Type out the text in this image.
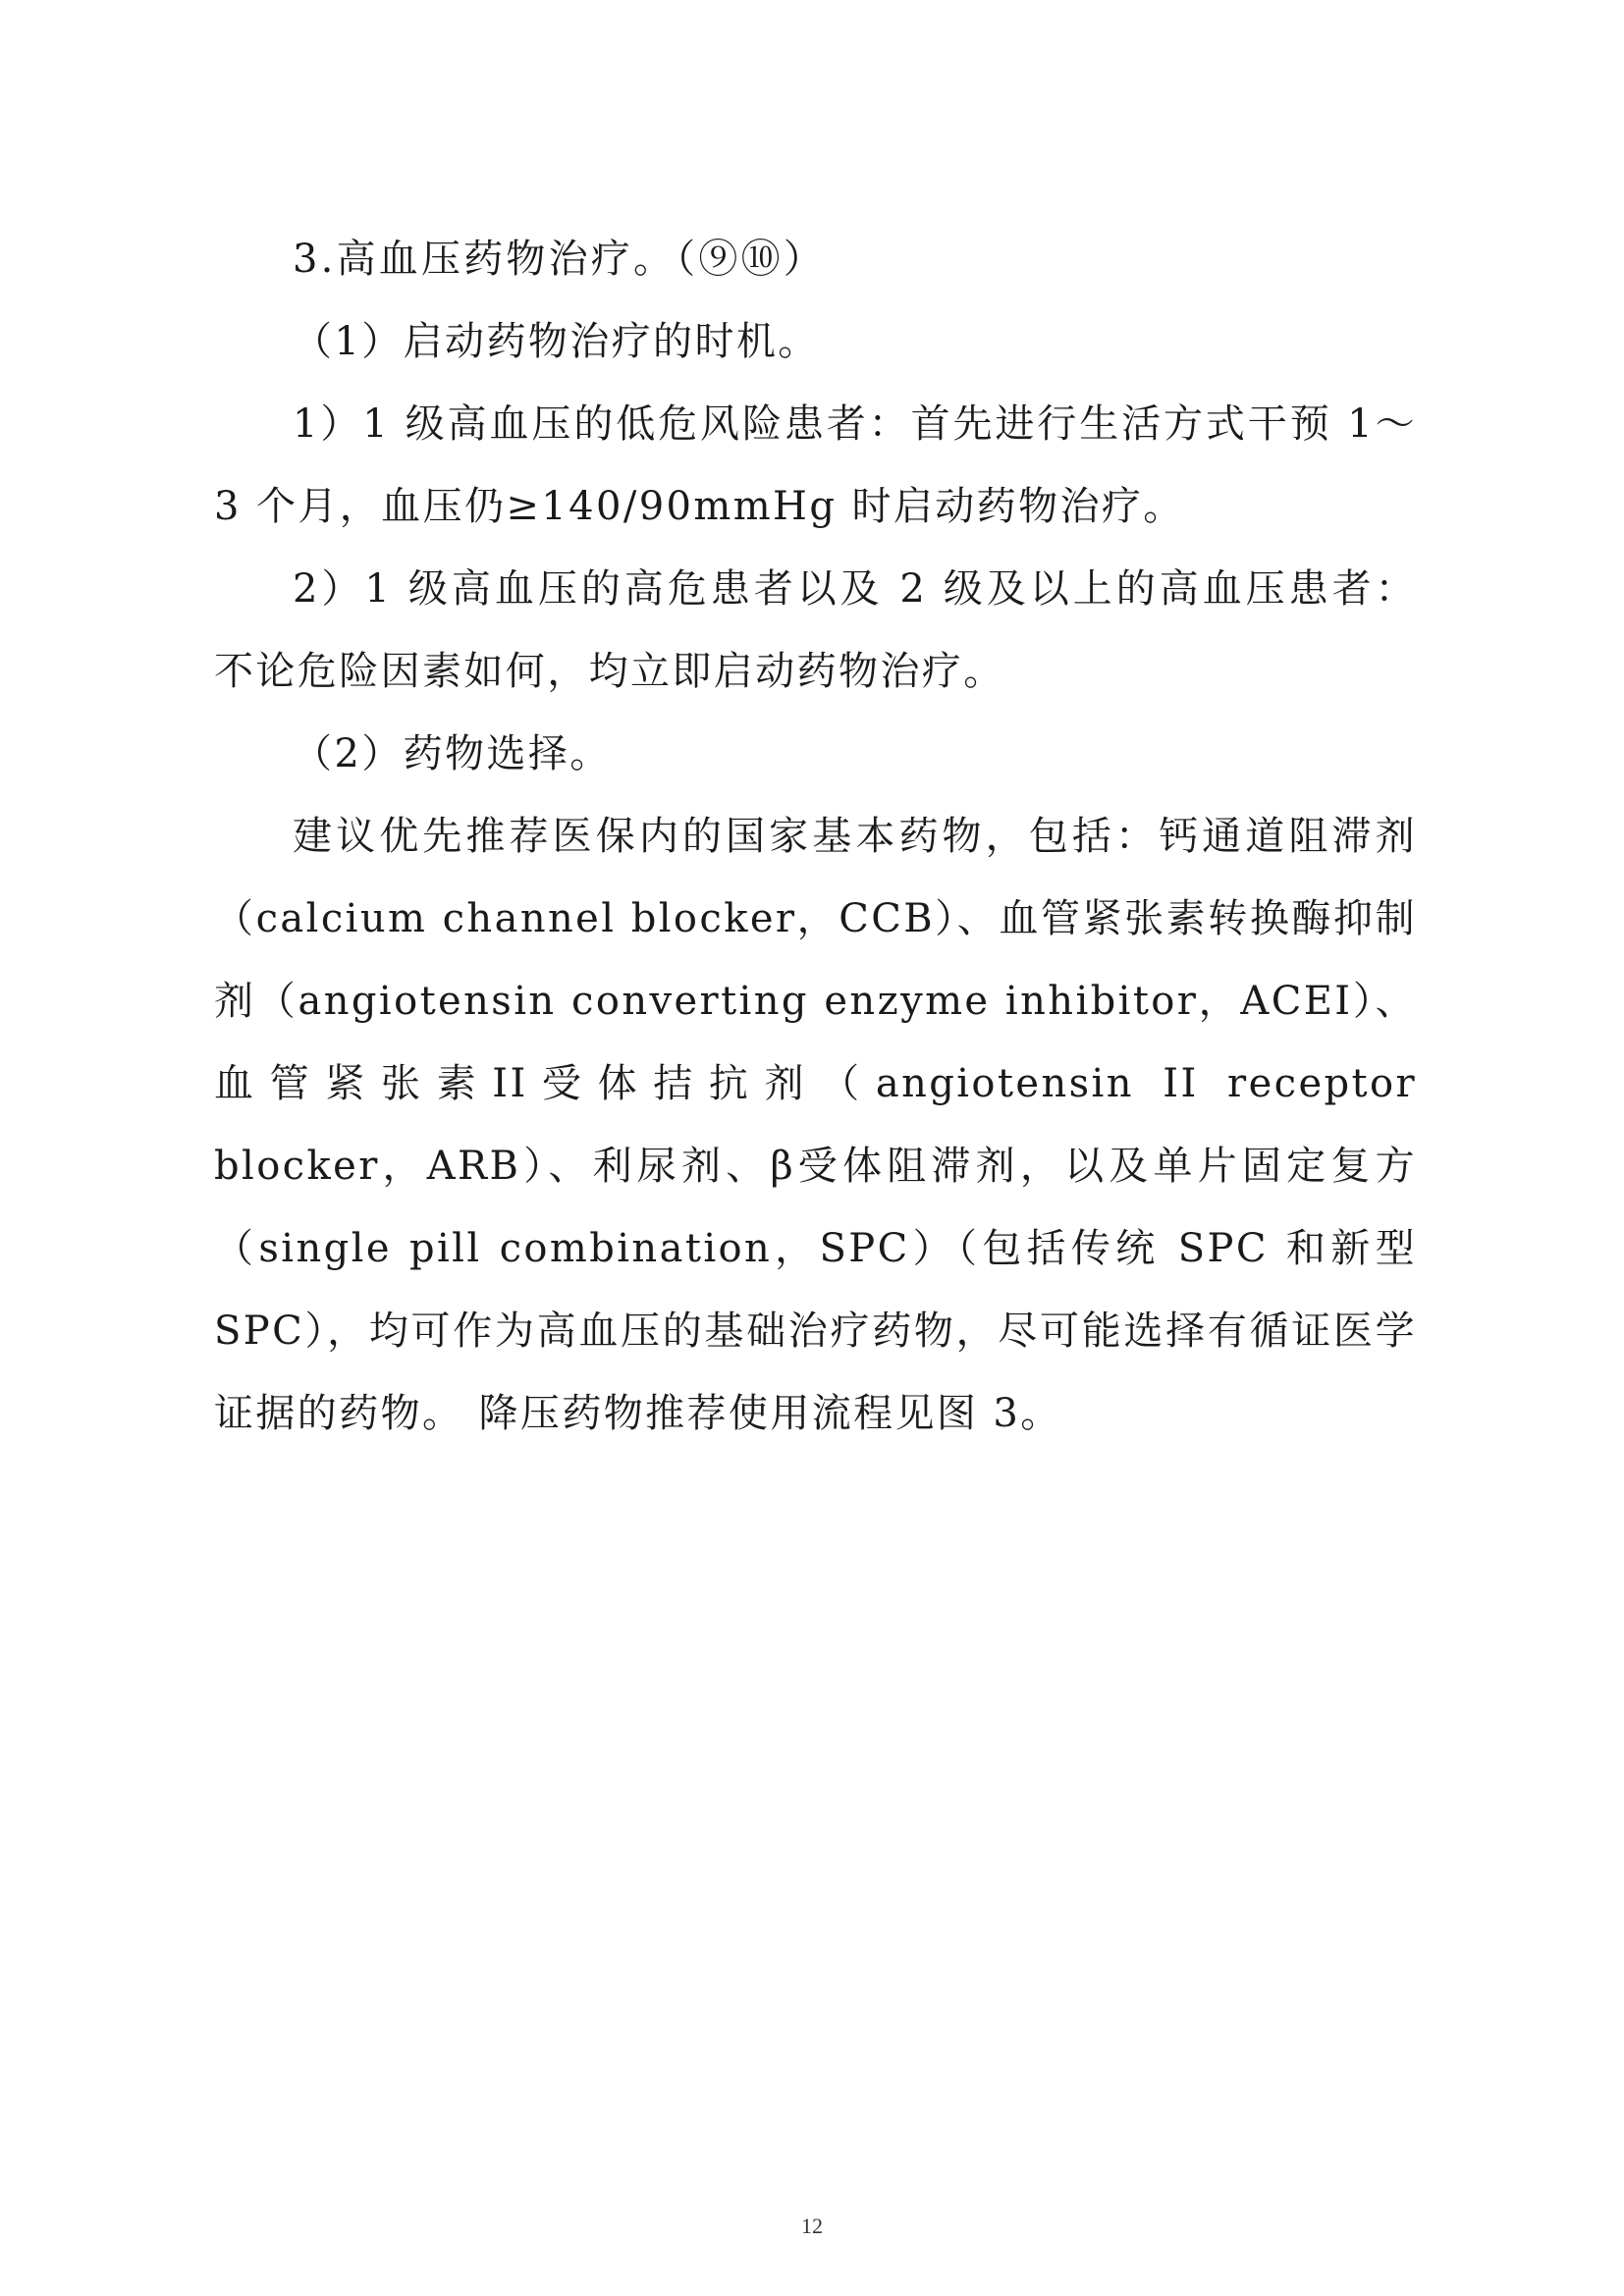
3.高血压药物治疗。（⑨⑩）

（1）启动药物治疗的时机。

1）1 级高血压的低危风险患者：首先进行生活方式干预 1～3 个月，血压仍≥140/90mmHg 时启动药物治疗。

2）1 级高血压的高危患者以及 2 级及以上的高血压患者：不论危险因素如何，均立即启动药物治疗。

（2）药物选择。

建议优先推荐医保内的国家基本药物，包括：钙通道阻滞剂（calcium channel blocker，CCB）、血管紧张素转换酶抑制剂（angiotensin converting enzyme inhibitor，ACEI）、血管紧张素II受体拮抗剂（angiotensin II receptor blocker，ARB）、利尿剂、β受体阻滞剂，以及单片固定复方（single pill combination，SPC）（包括传统 SPC 和新型 SPC），均可作为高血压的基础治疗药物，尽可能选择有循证医学证据的药物。 降压药物推荐使用流程见图 3。

12
